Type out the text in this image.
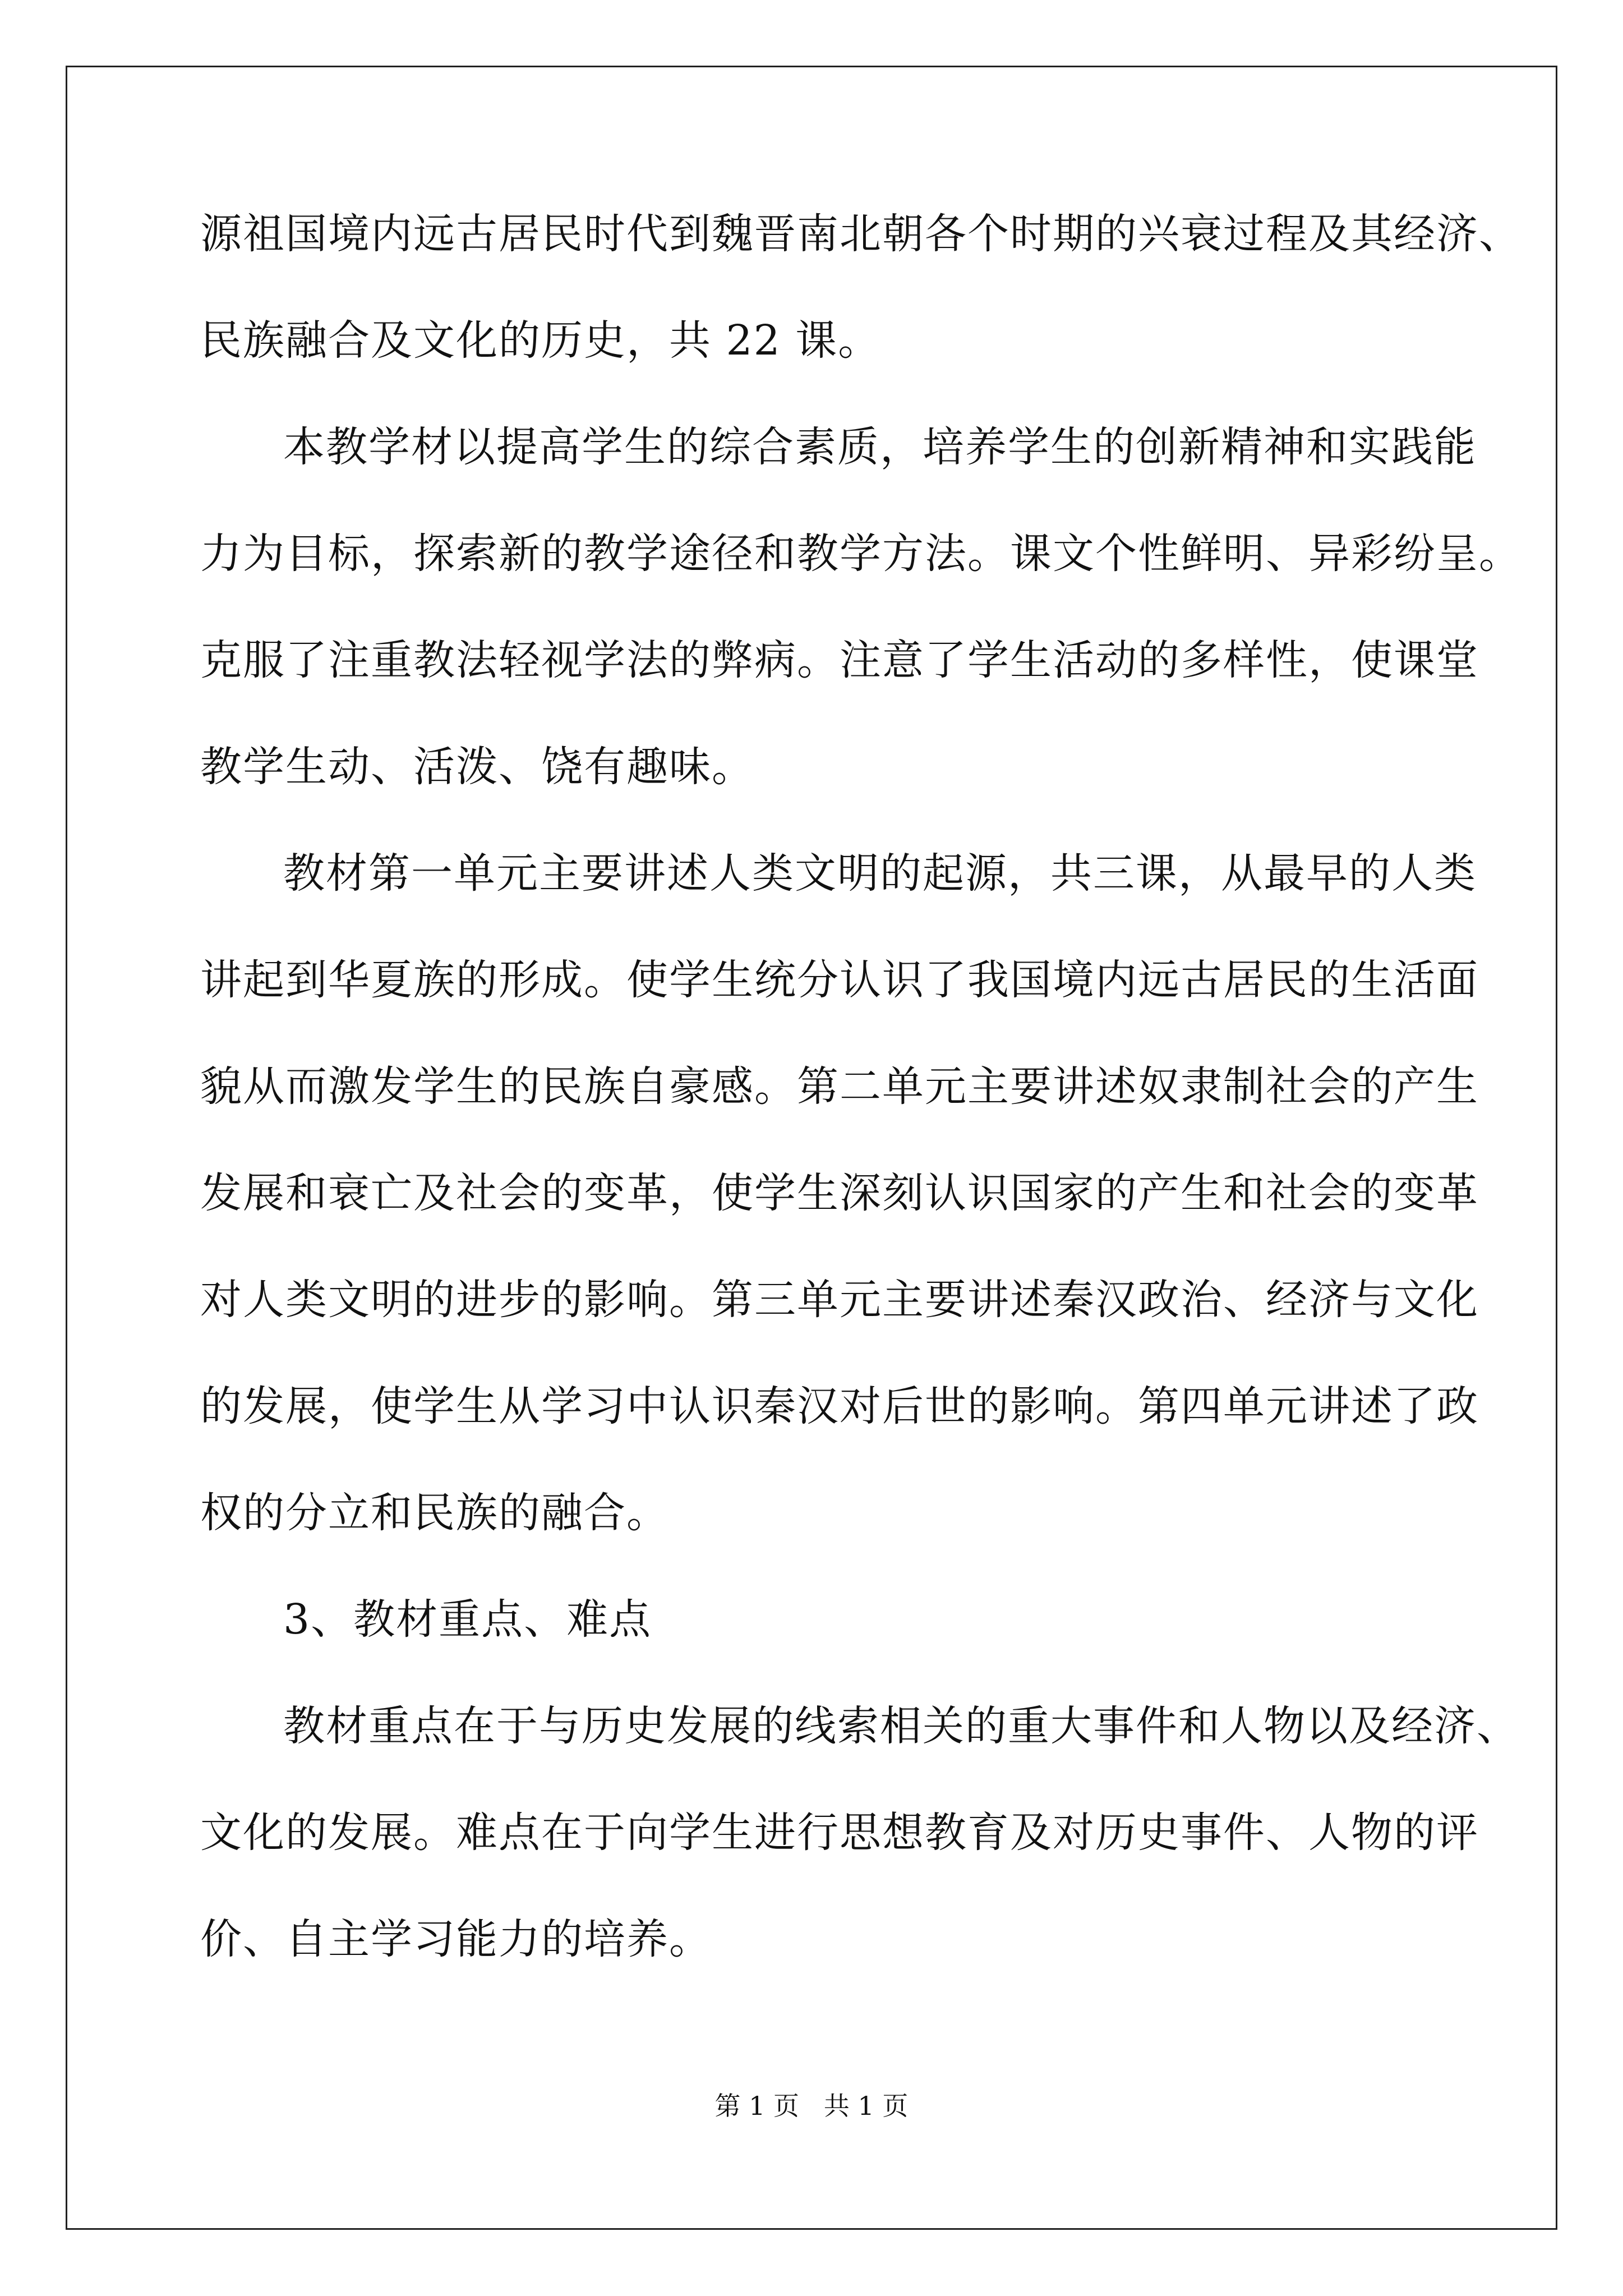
源祖国境内远古居民时代到魏晋南北朝各个时期的兴衰过程及其经济、
民族融合及文化的历史，共 22 课。
本教学材以提高学生的综合素质，培养学生的创新精神和实践能
力为目标，探索新的教学途径和教学方法。课文个性鲜明、异彩纷呈。
克服了注重教法轻视学法的弊病。注意了学生活动的多样性，使课堂
教学生动、活泼、饶有趣味。
教材第一单元主要讲述人类文明的起源，共三课，从最早的人类
讲起到华夏族的形成。使学生统分认识了我国境内远古居民的生活面
貌从而激发学生的民族自豪感。第二单元主要讲述奴隶制社会的产生
发展和衰亡及社会的变革，使学生深刻认识国家的产生和社会的变革
对人类文明的进步的影响。第三单元主要讲述秦汉政治、经济与文化
的发展，使学生从学习中认识秦汉对后世的影响。第四单元讲述了政
权的分立和民族的融合。
3、教材重点、难点
教材重点在于与历史发展的线索相关的重大事件和人物以及经济、
文化的发展。难点在于向学生进行思想教育及对历史事件、人物的评
价、自主学习能力的培养。
第 1 页   共 1 页
